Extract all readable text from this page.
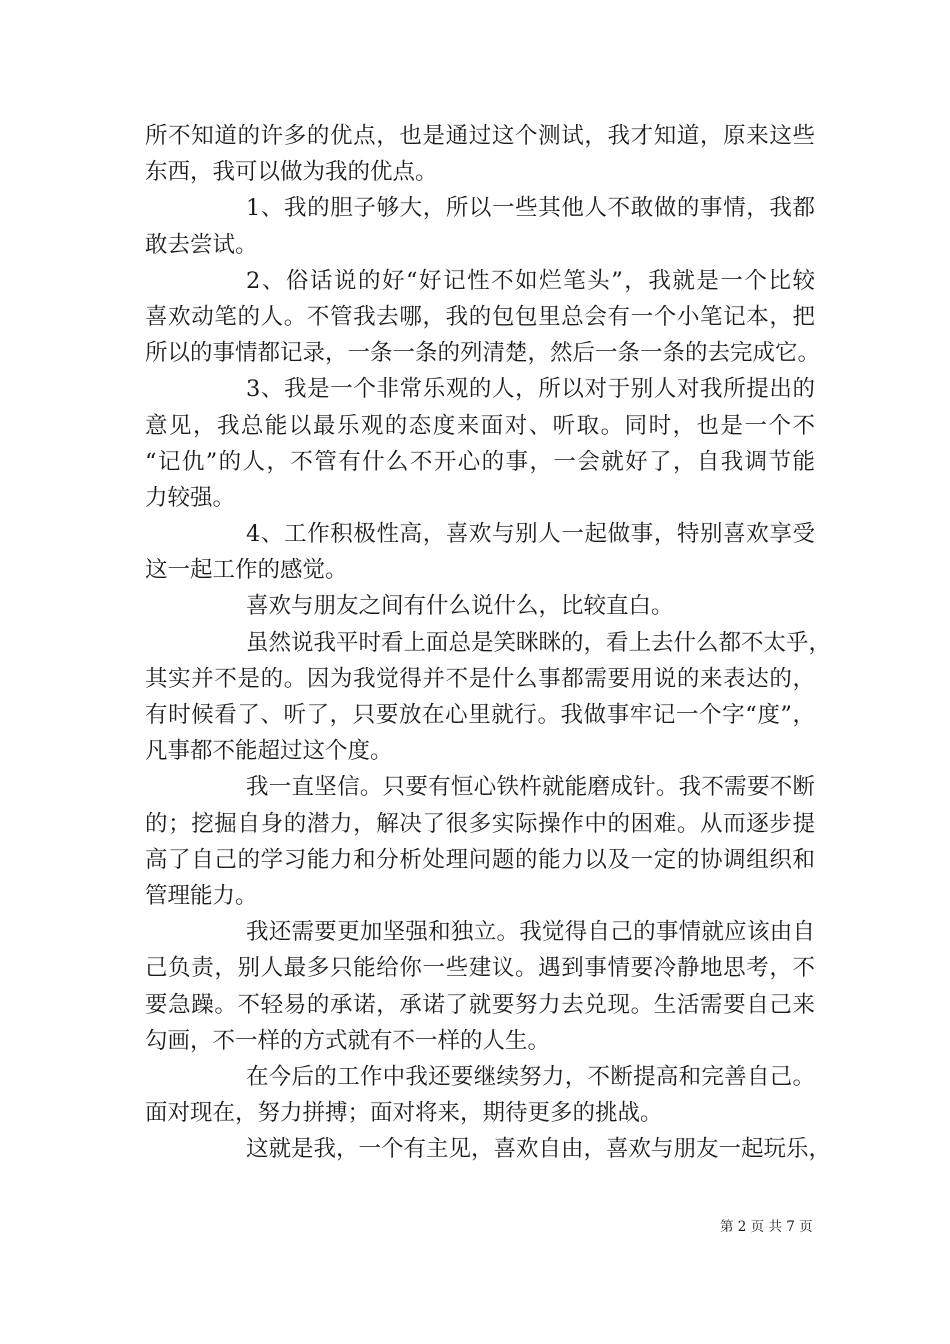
所不知道的许多的优点，也是通过这个测试，我才知道，原来这些
东西，我可以做为我的优点。
1、我的胆子够大，所以一些其他人不敢做的事情，我都
敢去尝试。
2、俗话说的好“好记性不如烂笔头”，我就是一个比较
喜欢动笔的人。不管我去哪，我的包包里总会有一个小笔记本，把
所以的事情都记录，一条一条的列清楚，然后一条一条的去完成它。
3、我是一个非常乐观的人，所以对于别人对我所提出的
意见，我总能以最乐观的态度来面对、听取。同时，也是一个不
“记仇”的人，不管有什么不开心的事，一会就好了，自我调节能
力较强。
4、工作积极性高，喜欢与别人一起做事，特别喜欢享受
这一起工作的感觉。
喜欢与朋友之间有什么说什么，比较直白。
虽然说我平时看上面总是笑眯眯的，看上去什么都不太乎，
其实并不是的。因为我觉得并不是什么事都需要用说的来表达的，
有时候看了、听了，只要放在心里就行。我做事牢记一个字“度”，
凡事都不能超过这个度。
我一直坚信。只要有恒心铁杵就能磨成针。我不需要不断
的；挖掘自身的潜力，解决了很多实际操作中的困难。从而逐步提
高了自己的学习能力和分析处理问题的能力以及一定的协调组织和
管理能力。
我还需要更加坚强和独立。我觉得自己的事情就应该由自
己负责，别人最多只能给你一些建议。遇到事情要冷静地思考，不
要急躁。不轻易的承诺，承诺了就要努力去兑现。生活需要自己来
勾画，不一样的方式就有不一样的人生。
在今后的工作中我还要继续努力，不断提高和完善自己。
面对现在，努力拼搏；面对将来，期待更多的挑战。
这就是我，一个有主见，喜欢自由，喜欢与朋友一起玩乐，
第 2 页 共 7 页
